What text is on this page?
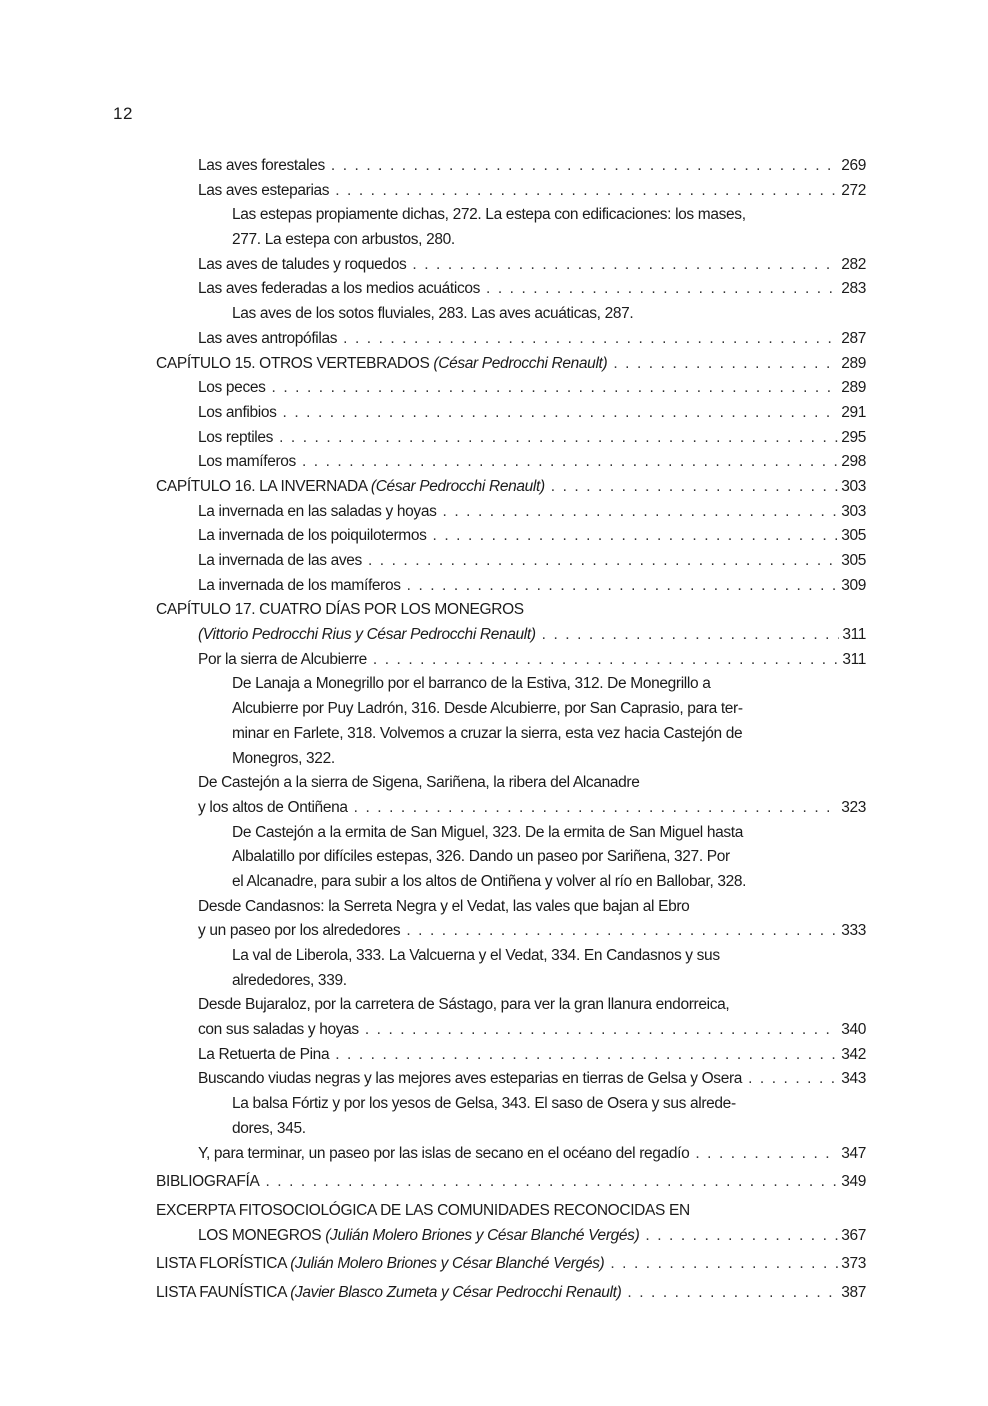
12
Las aves forestales . . .	269
Las aves esteparias . . .	272
Las estepas propiamente dichas, 272. La estepa con edificaciones: los mases,
277. La estepa con arbustos, 280.
Las aves de taludes y roquedos . . .	282
Las aves federadas a los medios acuáticos . . .	283
Las aves de los sotos fluviales, 283. Las aves acuáticas, 287.
Las aves antropófilas . . .	287
CAPÍTULO 15. OTROS VERTEBRADOS (César Pedrocchi Renault) . . .	289
Los peces . . .	289
Los anfibios . . .	291
Los reptiles . . .	295
Los mamíferos . . .	298
CAPÍTULO 16. LA INVERNADA (César Pedrocchi Renault) . . .	303
La invernada en las saladas y hoyas . . .	303
La invernada de los poiquilotermos . . .	305
La invernada de las aves . . .	305
La invernada de los mamíferos . . .	309
CAPÍTULO 17. CUATRO DÍAS POR LOS MONEGROS
(Vittorio Pedrocchi Rius y César Pedrocchi Renault) . . .	311
Por la sierra de Alcubierre . . .	311
De Lanaja a Monegrillo por el barranco de la Estiva, 312. De Monegrillo a
Alcubierre por Puy Ladrón, 316. Desde Alcubierre, por San Caprasio, para ter-
minar en Farlete, 318. Volvemos a cruzar la sierra, esta vez hacia Castejón de
Monegros, 322.
De Castejón a la sierra de Sigena, Sariñena, la ribera del Alcanadre
y los altos de Ontiñena . . .	323
De Castejón a la ermita de San Miguel, 323. De la ermita de San Miguel hasta
Albalatillo por difíciles estepas, 326. Dando un paseo por Sariñena, 327. Por
el Alcanadre, para subir a los altos de Ontiñena y volver al río en Ballobar, 328.
Desde Candasnos: la Serreta Negra y el Vedat, las vales que bajan al Ebro
y un paseo por los alrededores . . .	333
La val de Liberola, 333. La Valcuerna y el Vedat, 334. En Candasnos y sus
alrededores, 339.
Desde Bujaraloz, por la carretera de Sástago, para ver la gran llanura endorreica,
con sus saladas y hoyas . . .	340
La Retuerta de Pina . . .	342
Buscando viudas negras y las mejores aves esteparias en tierras de Gelsa y Osera . . .	343
La balsa Fórtiz y por los yesos de Gelsa, 343. El saso de Osera y sus alrede-
dores, 345.
Y, para terminar, un paseo por las islas de secano en el océano del regadío . . .	347
BIBLIOGRAFÍA . . .	349
EXCERPTA FITOSOCIOLÓGICA DE LAS COMUNIDADES RECONOCIDAS EN
LOS MONEGROS (Julián Molero Briones y César Blanché Vergés) . . .	367
LISTA FLORÍSTICA (Julián Molero Briones y César Blanché Vergés) . . .	373
LISTA FAUNÍSTICA (Javier Blasco Zumeta y César Pedrocchi Renault) . . .	387
